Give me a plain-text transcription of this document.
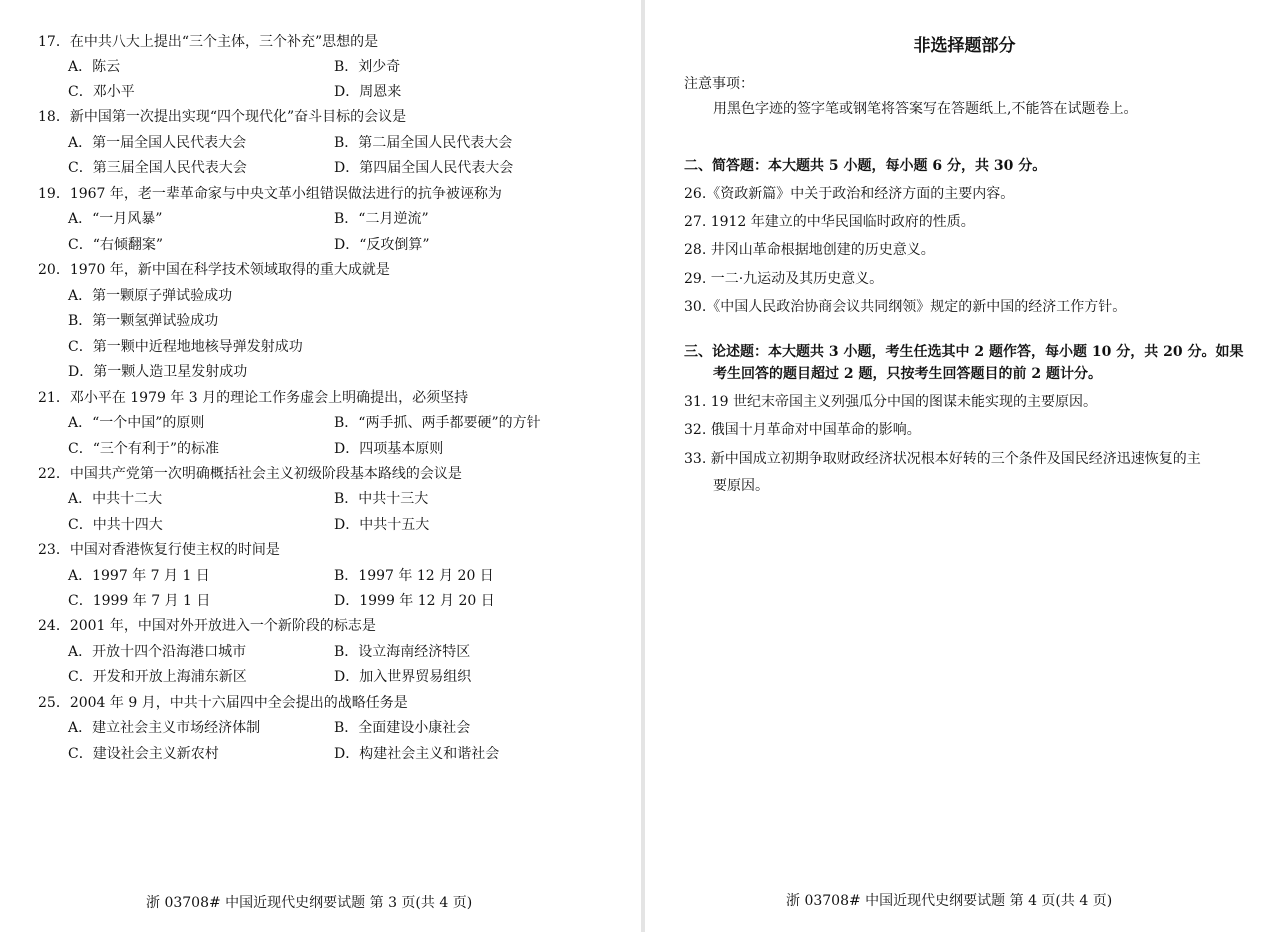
17．在中共八大上提出“三个主体，三个补充”思想的是
A．陈云	B．刘少奇
C．邓小平	D．周恩来
18．新中国第一次提出实现“四个现代化”奋斗目标的会议是
A．第一届全国人民代表大会	B．第二届全国人民代表大会
C．第三届全国人民代表大会	D．第四届全国人民代表大会
19．1967 年，老一辈革命家与中央文革小组错误做法进行的抗争被诬称为
A．“一月风暴”	B．“二月逆流”
C．“右倾翻案”	D．“反攻倒算”
20．1970 年，新中国在科学技术领域取得的重大成就是
A．第一颗原子弹试验成功
B．第一颗氢弹试验成功
C．第一颗中近程地地核导弹发射成功
D．第一颗人造卫星发射成功
21．邓小平在 1979 年 3 月的理论工作务虚会上明确提出，必须坚持
A．“一个中国”的原则	B．“两手抓、两手都要硬”的方针
C．“三个有利于”的标准	D．四项基本原则
22．中国共产党第一次明确概括社会主义初级阶段基本路线的会议是
A．中共十二大	B．中共十三大
C．中共十四大	D．中共十五大
23．中国对香港恢复行使主权的时间是
A．1997 年 7 月 1 日	B．1997 年 12 月 20 日
C．1999 年 7 月 1 日	D．1999 年 12 月 20 日
24．2001 年，中国对外开放进入一个新阶段的标志是
A．开放十四个沿海港口城市	B．设立海南经济特区
C．开发和开放上海浦东新区	D．加入世界贸易组织
25．2004 年 9 月，中共十六届四中全会提出的战略任务是
A．建立社会主义市场经济体制	B．全面建设小康社会
C．建设社会主义新农村	D．构建社会主义和谐社会
浙 03708# 中国近现代史纲要试题 第 3 页(共 4 页)
非选择题部分
注意事项：
用黑色字迹的签字笔或钢笔将答案写在答题纸上,不能答在试题卷上。
二、简答题：本大题共 5 小题，每小题 6 分，共 30 分。
26.《资政新篇》中关于政治和经济方面的主要内容。
27. 1912 年建立的中华民国临时政府的性质。
28. 井冈山革命根据地创建的历史意义。
29. 一二·九运动及其历史意义。
30.《中国人民政治协商会议共同纲领》规定的新中国的经济工作方针。
三、论述题：本大题共 3 小题，考生任选其中 2 题作答，每小题 10 分，共 20 分。如果
考生回答的题目超过 2 题，只按考生回答题目的前 2 题计分。
31. 19 世纪末帝国主义列强瓜分中国的图谋未能实现的主要原因。
32. 俄国十月革命对中国革命的影响。
33. 新中国成立初期争取财政经济状况根本好转的三个条件及国民经济迅速恢复的主
要原因。
浙 03708# 中国近现代史纲要试题 第 4 页(共 4 页)
